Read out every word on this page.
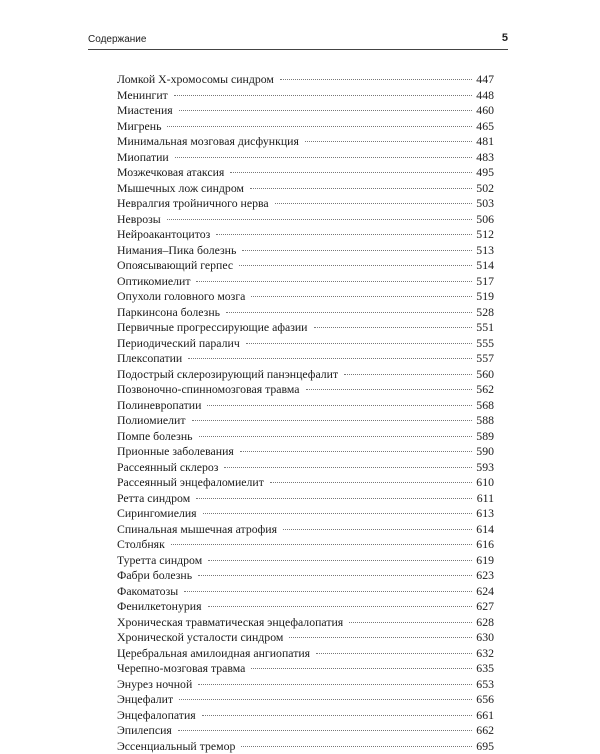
Содержание	5
Ломкой Х-хромосомы синдром	447
Менингит	448
Миастения	460
Мигрень	465
Минимальная мозговая дисфункция	481
Миопатии	483
Мозжечковая атаксия	495
Мышечных лож синдром	502
Невралгия тройничного нерва	503
Неврозы	506
Нейроакантоцитоз	512
Нимания–Пика болезнь	513
Опоясывающий герпес	514
Оптикомиелит	517
Опухоли головного мозга	519
Паркинсона болезнь	528
Первичные прогрессирующие афазии	551
Периодический паралич	555
Плексопатии	557
Подострый склерозирующий панэнцефалит	560
Позвоночно-спинномозговая травма	562
Полиневропатии	568
Полиомиелит	588
Помпе болезнь	589
Прионные заболевания	590
Рассеянный склероз	593
Рассеянный энцефаломиелит	610
Ретта синдром	611
Сирингомиелия	613
Спинальная мышечная атрофия	614
Столбняк	616
Туретта синдром	619
Фабри болезнь	623
Факоматозы	624
Фенилкетонурия	627
Хроническая травматическая энцефалопатия	628
Хронической усталости синдром	630
Церебральная амилоидная ангиопатия	632
Черепно-мозговая травма	635
Энурез ночной	653
Энцефалит	656
Энцефалопатия	661
Эпилепсия	662
Эссенциальный тремор	695
